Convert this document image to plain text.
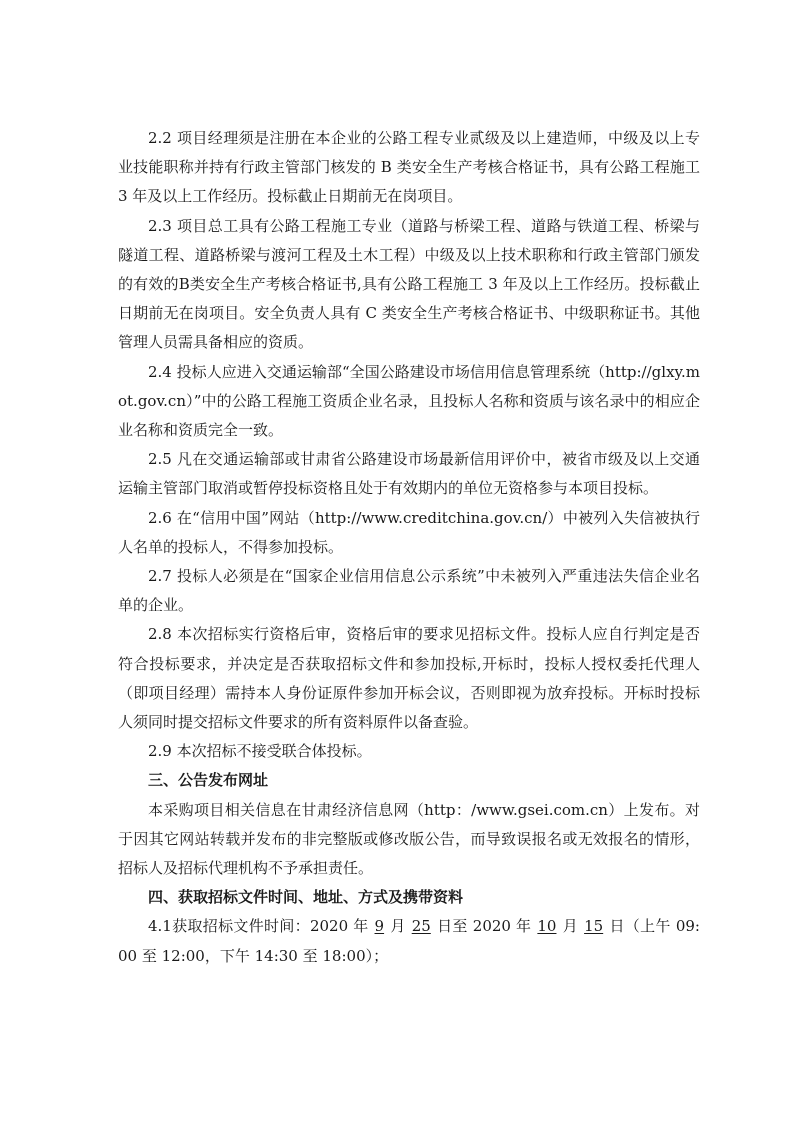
2.2 项目经理须是注册在本企业的公路工程专业贰级及以上建造师，中级及以上专业技能职称并持有行政主管部门核发的 B 类安全生产考核合格证书，具有公路工程施工 3 年及以上工作经历。投标截止日期前无在岗项目。

2.3 项目总工具有公路工程施工专业（道路与桥梁工程、道路与铁道工程、桥梁与隧道工程、道路桥梁与渡河工程及土木工程）中级及以上技术职称和行政主管部门颁发的有效的B类安全生产考核合格证书,具有公路工程施工 3 年及以上工作经历。投标截止日期前无在岗项目。安全负责人具有 C 类安全生产考核合格证书、中级职称证书。其他管理人员需具备相应的资质。

2.4 投标人应进入交通运输部“全国公路建设市场信用信息管理系统（http://glxy.mot.gov.cn）”中的公路工程施工资质企业名录，且投标人名称和资质与该名录中的相应企业名称和资质完全一致。

2.5 凡在交通运输部或甘肃省公路建设市场最新信用评价中，被省市级及以上交通运输主管部门取消或暂停投标资格且处于有效期内的单位无资格参与本项目投标。

2.6 在“信用中国”网站（http://www.creditchina.gov.cn/）中被列入失信被执行人名单的投标人，不得参加投标。

2.7 投标人必须是在“国家企业信用信息公示系统”中未被列入严重违法失信企业名单的企业。

2.8 本次招标实行资格后审，资格后审的要求见招标文件。投标人应自行判定是否符合投标要求，并决定是否获取招标文件和参加投标,开标时，投标人授权委托代理人（即项目经理）需持本人身份证原件参加开标会议，否则即视为放弃投标。开标时投标人须同时提交招标文件要求的所有资料原件以备查验。

2.9 本次招标不接受联合体投标。

三、公告发布网址

本采购项目相关信息在甘肃经济信息网（http：/www.gsei.com.cn）上发布。对于因其它网站转载并发布的非完整版或修改版公告，而导致误报名或无效报名的情形，招标人及招标代理机构不予承担责任。

四、获取招标文件时间、地址、方式及携带资料

4.1获取招标文件时间：2020 年 9 月 25 日至 2020 年 10 月 15 日（上午 09:00 至 12:00，下午 14:30 至 18:00）；
